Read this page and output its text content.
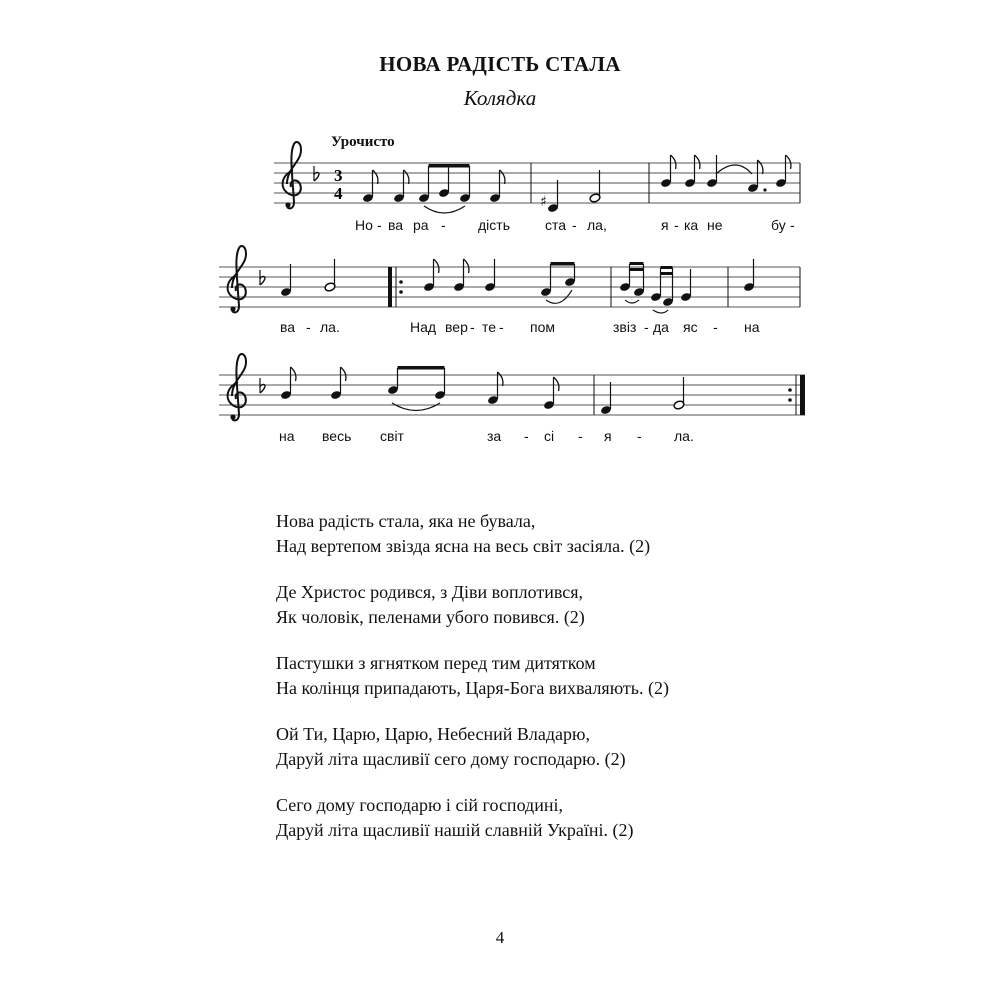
НОВА РАДІСТЬ СТАЛА
Колядка
Урочисто
3
4	♯
Но - ва ра - дість	ста - ла,	я - ка не	бу -
ва - ла.	Над вер - те - пом	звіз - да яс - на
на весь світ	за - сі - я - ла.
Нова радість стала, яка не бувала,
Над вертепом звізда ясна на весь світ засіяла. (2)
Де Христос родився, з Діви воплотився,
Як чоловік, пеленами убого повився. (2)
Пастушки з ягнятком перед тим дитятком
На колінця припадають, Царя-Бога вихваляють. (2)
Ой Ти, Царю, Царю, Небесний Владарю,
Даруй літа щасливії сего дому господарю. (2)
Сего дому господарю і сій господині,
Даруй літа щасливії нашій славній Україні. (2)
4
